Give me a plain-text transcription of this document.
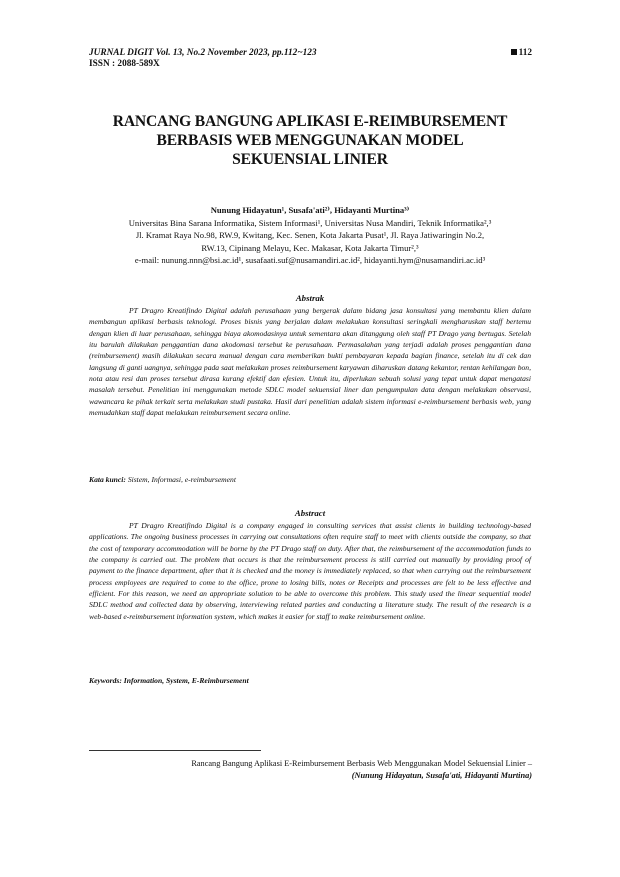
JURNAL DIGIT Vol. 13, No.2 November 2023, pp.112~123
ISSN : 2088-589X
112
RANCANG BANGUNG APLIKASI E-REIMBURSEMENT
BERBASIS WEB MENGGUNAKAN MODEL
SEKUENSIAL LINIER
Nunung Hidayatun¹, Susafa'ati²⁾, Hidayanti Murtina³⁾
Universitas Bina Sarana Informatika, Sistem Informasi¹, Universitas Nusa Mandiri, Teknik Informatika²,³
Jl. Kramat Raya No.98, RW.9, Kwitang, Kec. Senen, Kota Jakarta Pusat¹, Jl. Raya Jatiwaringin No.2,
RW.13, Cipinang Melayu, Kec. Makasar, Kota Jakarta Timur²,³
e-mail: nunung.nnn@bsi.ac.id¹, susafaati.suf@nusamandiri.ac.id², hidayanti.hym@nusamandiri.ac.id³
Abstrak
PT Dragro Kreatifindo Digital adalah perusahaan yang bergerak dalam bidang jasa konsultasi yang membantu klien dalam membangun aplikasi berbasis teknologi. Proses bisnis yang berjalan dalam melakukan konsultasi seringkali mengharuskan staff bertemu dengan klien di luar perusahaan, sehingga biaya akomodasinya untuk sementara akan ditanggung oleh staff PT Drago yang bertugas. Setelah itu barulah dilakukan penggantian dana akodomasi tersebut ke perusahaan. Permasalahan yang terjadi adalah proses penggantian dana (reimbursement) masih dilakukan secara manual dengan cara memberikan bukti pembayaran kepada bagian finance, setelah itu di cek dan langsung di ganti uangnya, sehingga pada saat melakukan proses reimbursement karyawan diharuskan datang kekantor, rentan kehilangan bon, nota atau resi dan proses tersebut dirasa kurang efektif dan efesien. Untuk itu, diperlukan sebuah solusi yang tepat untuk dapat mengatasi masalah tersebut. Penelitian ini menggunakan metode SDLC model sekuensial liner dan pengumpulan data dengan melakukan observasi, wawancara ke pihak terkait serta melakukan studi pustaka. Hasil dari penelitian adalah sistem informasi e-reimbursement berbasis web, yang memudahkan staff dapat melakukan reimbursement secara online.
Kata kunci: Sistem, Informasi, e-reimbursement
Abstract
PT Dragro Kreatifindo Digital is a company engaged in consulting services that assist clients in building technology-based applications. The ongoing business processes in carrying out consultations often require staff to meet with clients outside the company, so that the cost of temporary accommodation will be borne by the PT Drago staff on duty. After that, the reimbursement of the accommodation funds to the company is carried out. The problem that occurs is that the reimbursement process is still carried out manually by providing proof of payment to the finance department, after that it is checked and the money is immediately replaced, so that when carrying out the reimbursement process employees are required to come to the office, prone to losing bills, notes or Receipts and processes are felt to be less effective and efficient. For this reason, we need an appropriate solution to be able to overcome this problem. This study used the linear sequential model SDLC method and collected data by observing, interviewing related parties and conducting a literature study. The result of the research is a web-based e-reimbursement information system, which makes it easier for staff to make reimbursement online.
Keywords: Information, System, E-Reimbursement
Rancang Bangung Aplikasi E-Reimbursement Berbasis Web Menggunakan Model Sekuensial Linier –
(Nunung Hidayatun, Susafa'ati, Hidayanti Murtina)
